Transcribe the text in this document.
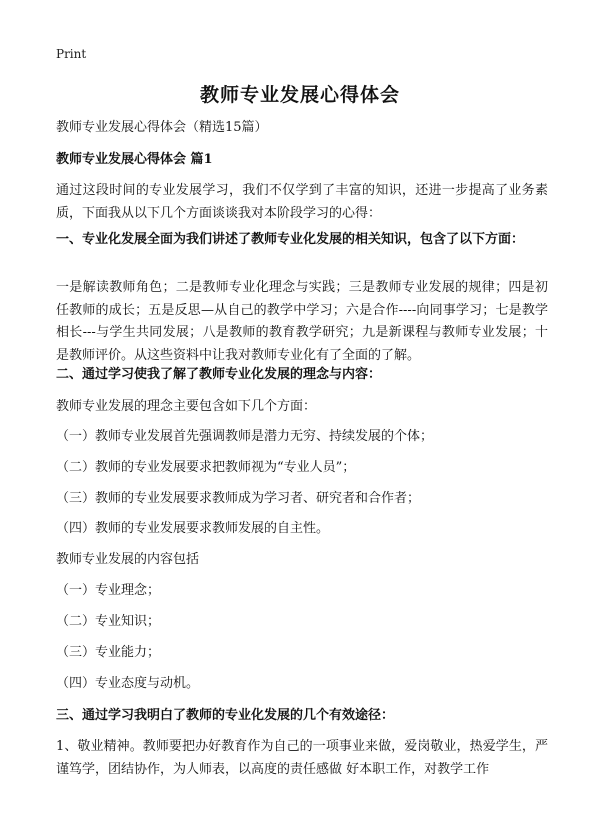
Print
教师专业发展心得体会
教师专业发展心得体会（精选15篇）
教师专业发展心得体会 篇1
通过这段时间的专业发展学习，我们不仅学到了丰富的知识，还进一步提高了业务素质，下面我从以下几个方面谈谈我对本阶段学习的心得：
一、专业化发展全面为我们讲述了教师专业化发展的相关知识，包含了以下方面：
一是解读教师角色；二是教师专业化理念与实践；三是教师专业发展的规律；四是初任教师的成长；五是反思—从自己的教学中学习；六是合作----向同事学习；七是教学相长---与学生共同发展；八是教师的教育教学研究；九是新课程与教师专业发展；十是教师评价。从这些资料中让我对教师专业化有了全面的了解。
二、通过学习使我了解了教师专业化发展的理念与内容：
教师专业发展的理念主要包含如下几个方面：
（一）教师专业发展首先强调教师是潜力无穷、持续发展的个体；
（二）教师的专业发展要求把教师视为“专业人员”；
（三）教师的专业发展要求教师成为学习者、研究者和合作者；
（四）教师的专业发展要求教师发展的自主性。
教师专业发展的内容包括
（一）专业理念；
（二）专业知识；
（三）专业能力；
（四）专业态度与动机。
三、通过学习我明白了教师的专业化发展的几个有效途径：
1、敬业精神。教师要把办好教育作为自己的一项事业来做，爱岗敬业，热爱学生，严谨笃学，团结协作，为人师表，以高度的责任感做 好本职工作，对教学工作
